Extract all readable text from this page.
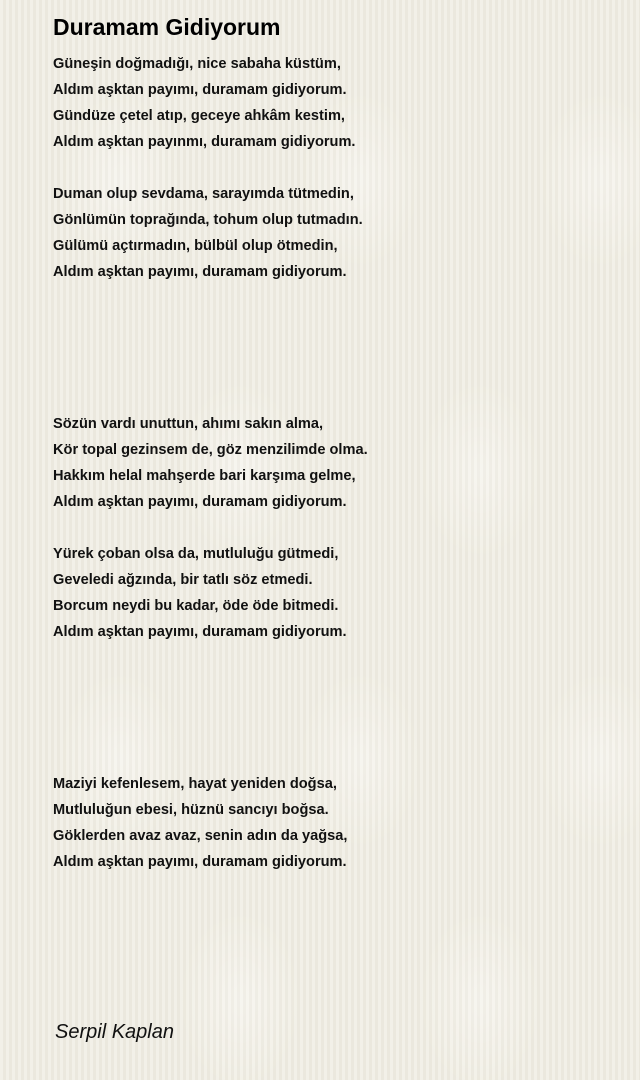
Duramam Gidiyorum
Güneşin doğmadığı, nice sabaha küstüm,
Aldım aşktan payımı, duramam gidiyorum.
Gündüze çetel atıp, geceye ahkâm kestim,
Aldım aşktan payınmı, duramam gidiyorum.
Duman olup sevdama, sarayımda tütmedin,
Gönlümün toprağında, tohum olup tutmadın.
Gülümü açtırmadın, bülbül olup ötmedin,
Aldım aşktan payımı, duramam gidiyorum.
Sözün vardı unuttun, ahımı sakın alma,
Kör topal gezinsem de, göz menzilimde olma.
Hakkım helal mahşerde bari karşıma gelme,
Aldım aşktan payımı, duramam gidiyorum.
Yürek çoban olsa da, mutluluğu gütmedi,
Geveledi ağzında, bir tatlı söz etmedi.
Borcum neydi bu kadar, öde öde bitmedi.
Aldım aşktan payımı, duramam gidiyorum.
Maziyi kefenlesem, hayat yeniden doğsa,
Mutluluğun ebesi, hüznü sancıyı boğsa.
Göklerden avaz avaz, senin adın da yağsa,
Aldım aşktan payımı, duramam gidiyorum.
Serpil Kaplan
